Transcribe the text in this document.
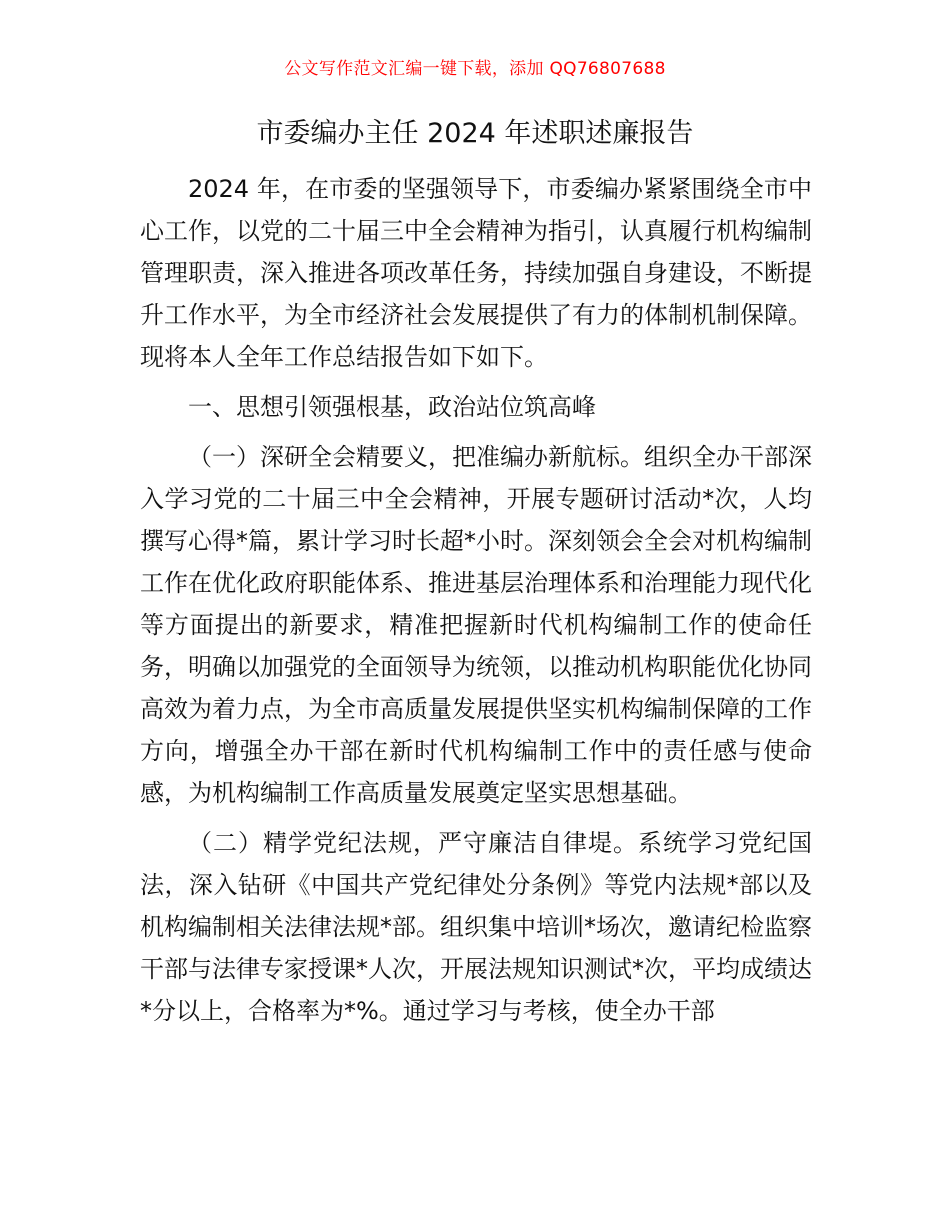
公文写作范文汇编一键下载，添加 QQ76807688
市委编办主任 2024 年述职述廉报告

2024 年，在市委的坚强领导下，市委编办紧紧围绕全市中心工作，以党的二十届三中全会精神为指引，认真履行机构编制管理职责，深入推进各项改革任务，持续加强自身建设，不断提升工作水平，为全市经济社会发展提供了有力的体制机制保障。现将本人全年工作总结报告如下如下。

一、思想引领强根基，政治站位筑高峰

（一）深研全会精要义，把准编办新航标。组织全办干部深入学习党的二十届三中全会精神，开展专题研讨活动*次，人均撰写心得*篇，累计学习时长超*小时。深刻领会全会对机构编制工作在优化政府职能体系、推进基层治理体系和治理能力现代化等方面提出的新要求，精准把握新时代机构编制工作的使命任务，明确以加强党的全面领导为统领，以推动机构职能优化协同高效为着力点，为全市高质量发展提供坚实机构编制保障的工作方向，增强全办干部在新时代机构编制工作中的责任感与使命感，为机构编制工作高质量发展奠定坚实思想基础。

（二）精学党纪法规，严守廉洁自律堤。系统学习党纪国法，深入钻研《中国共产党纪律处分条例》等党内法规*部以及机构编制相关法律法规*部。组织集中培训*场次，邀请纪检监察干部与法律专家授课*人次，开展法规知识测试*次，平均成绩达*分以上，合格率为*%。通过学习与考核，使全办干部
